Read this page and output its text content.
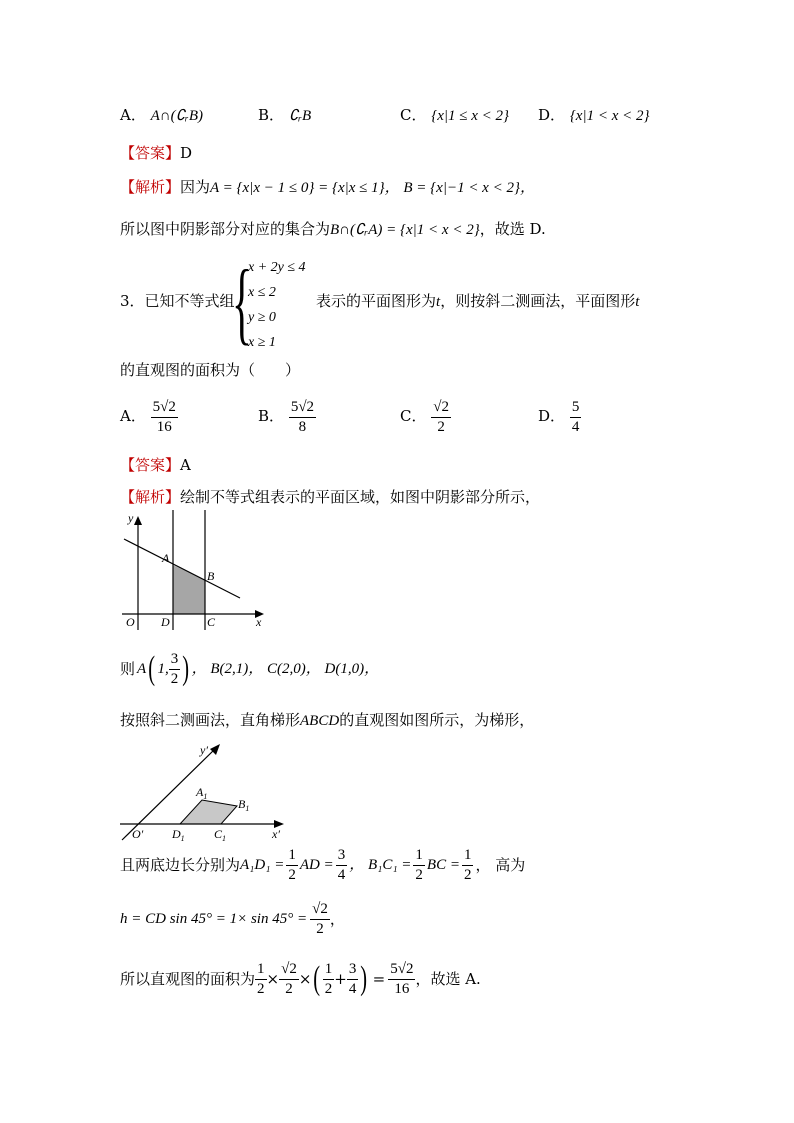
A． A∩(∁ᵣB)	B． ∁ᵣB	C． {x|1 ≤ x < 2} D． {x|1 < x < 2}
【答案】D
【解析】因为A = {x|x − 1 ≤ 0} = {x|x ≤ 1}， B = {x|−1 < x < 2}，
所以图中阴影部分对应的集合为B∩(∁ᵣA) = {x|1 < x < 2}，故选 D.
3．已知不等式组
{
x + 2y ≤ 4
x ≤ 2
y ≥ 0
x ≥ 1
表示的平面图形为t，则按斜二测画法，平面图形t
的直观图的面积为（　　）
A． $\frac{5√2}{16}$	B． $\frac{5√2}{8}$	C． $\frac{√2}{2}$	D． $\frac{5}{4}$
【答案】A
【解析】绘制不等式组表示的平面区域，如图中阴影部分所示，
y
x
O
A
B
C
D
则 A ( 1, $\frac{3}{2}$ ) ， B(2,1)， C(2,0)， D(1,0)，
按照斜二测画法，直角梯形ABCD的直观图如图所示，为梯形，
y′
x′
O′
$A_1$
$B_1$
$C_1$
$D_1$
且两底边长分别为 $A_1D_1 = \frac{1}{2}$ AD = $\frac{3}{4}$ ， $B_1C_1 = \frac{1}{2}$ BC = $\frac{1}{2}$ ， 高为
h = CD $\sin 45^\circ = 1\times \sin 45^\circ = \frac{√2}{2}$ ，
所以直观图的面积为 $\frac{1}{2} \times \frac{√2}{2}$ × ( $\frac{1}{2} + \frac{3}{4}$ ) = $\frac{5√2}{16}$ ，故选 A.
